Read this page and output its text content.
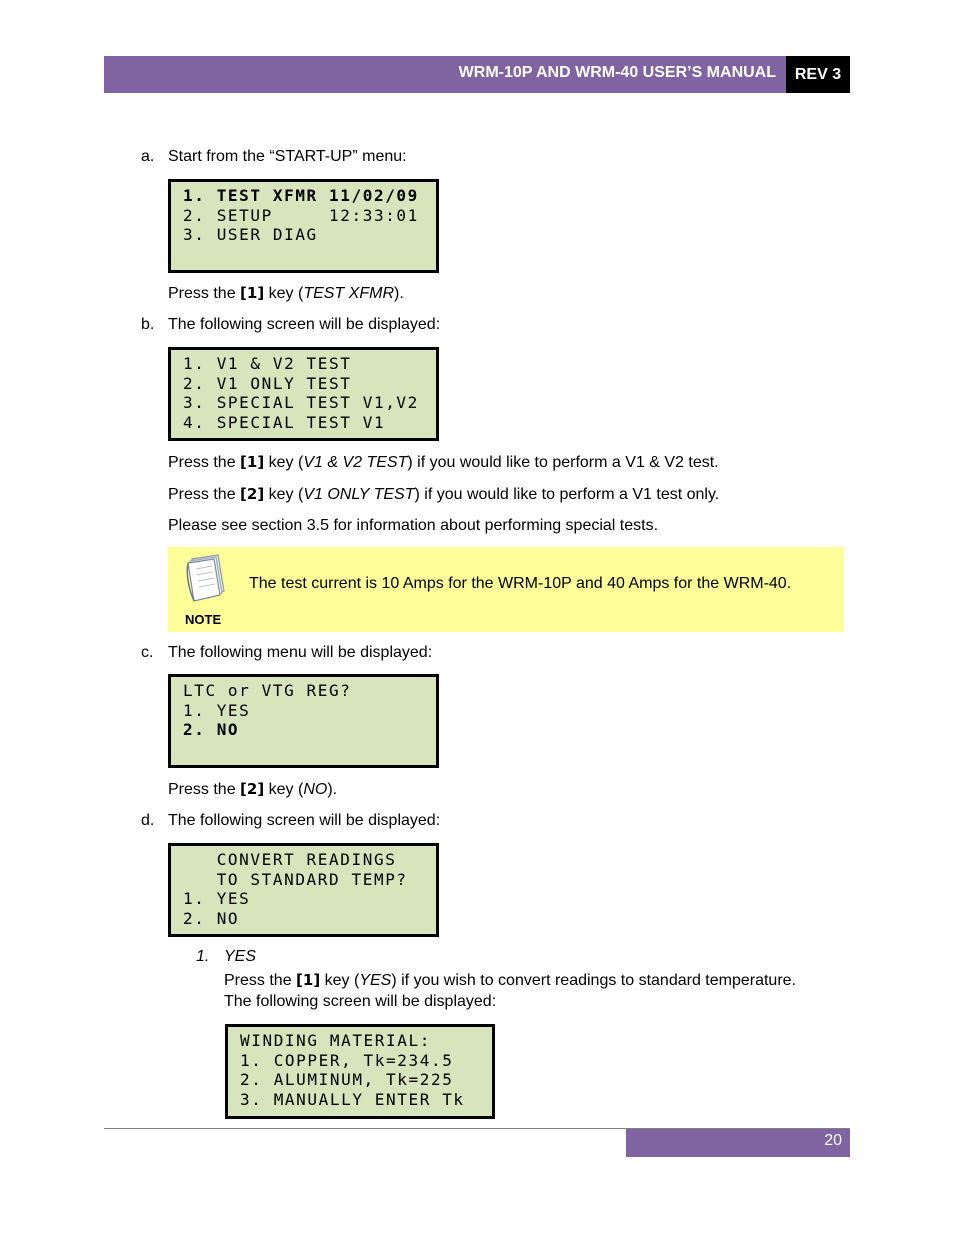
WRM-10P AND WRM-40 USER’S MANUAL	REV 3
a. Start from the “START-UP” menu:
1. TEST XFMR 11/02/09
2. SETUP     12:33:01
3. USER DIAG
Press the [1] key (TEST XFMR).
b. The following screen will be displayed:
1. V1 & V2 TEST
2. V1 ONLY TEST
3. SPECIAL TEST V1,V2
4. SPECIAL TEST V1
Press the [1] key (V1 & V2 TEST) if you would like to perform a V1 & V2 test.
Press the [2] key (V1 ONLY TEST) if you would like to perform a V1 test only.
Please see section 3.5 for information about performing special tests.
NOTE
The test current is 10 Amps for the WRM-10P and 40 Amps for the WRM-40.
c. The following menu will be displayed:
LTC or VTG REG?
1. YES
2. NO
Press the [2] key (NO).
d. The following screen will be displayed:
CONVERT READINGS
TO STANDARD TEMP?
1. YES
2. NO
1. YES
Press the [1] key (YES) if you wish to convert readings to standard temperature.
The following screen will be displayed:
WINDING MATERIAL:
1. COPPER, Tk=234.5
2. ALUMINUM, Tk=225
3. MANUALLY ENTER Tk
20
